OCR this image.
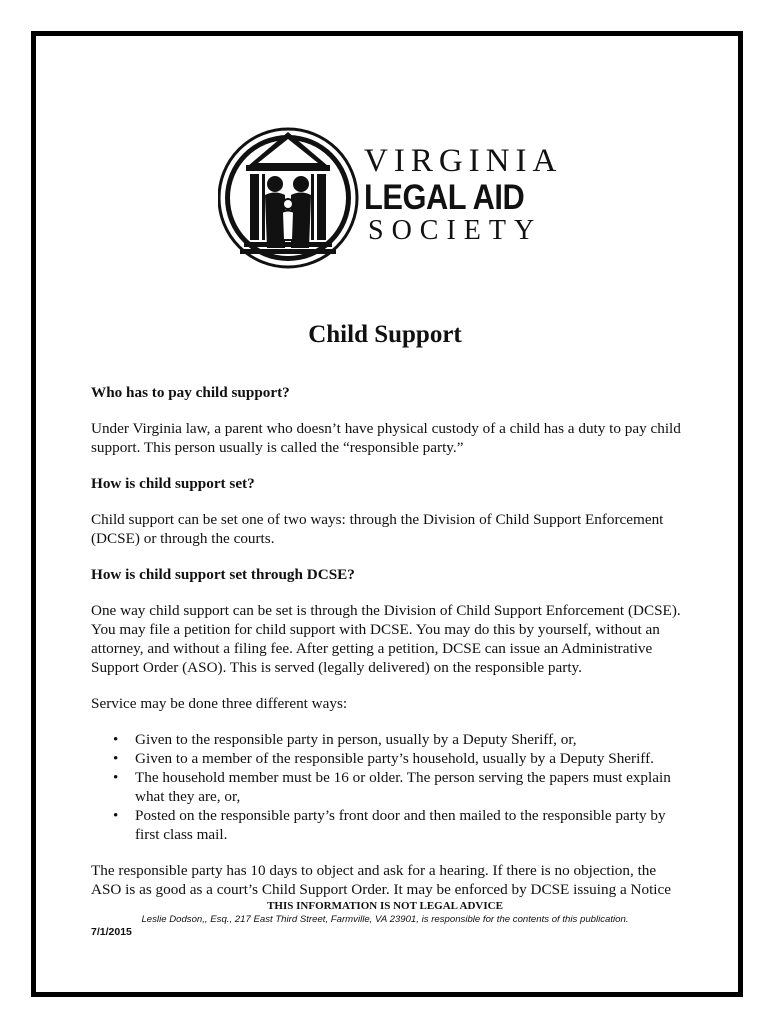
VIRGINIA
LEGAL AID
SOCIETY
Child Support
Who has to pay child support?

Under Virginia law, a parent who doesn’t have physical custody of a child has a duty to pay child support. This person usually is called the “responsible party.”

How is child support set?

Child support can be set one of two ways: through the Division of Child Support Enforcement (DCSE) or through the courts.

How is child support set through DCSE?

One way child support can be set is through the Division of Child Support Enforcement (DCSE). You may file a petition for child support with DCSE. You may do this by yourself, without an attorney, and without a filing fee. After getting a petition, DCSE can issue an Administrative Support Order (ASO). This is served (legally delivered) on the responsible party.

Service may be done three different ways:

• Given to the responsible party in person, usually by a Deputy Sheriff, or,
• Given to a member of the responsible party’s household, usually by a Deputy Sheriff.
• The household member must be 16 or older. The person serving the papers must explain what they are, or,
• Posted on the responsible party’s front door and then mailed to the responsible party by first class mail.

The responsible party has 10 days to object and ask for a hearing. If there is no objection, the ASO is as good as a court’s Child Support Order. It may be enforced by DCSE issuing a Notice

THIS INFORMATION IS NOT LEGAL ADVICE
Leslie Dodson,, Esq., 217 East Third Street, Farmville, VA 23901, is responsible for the contents of this publication.
7/1/2015
